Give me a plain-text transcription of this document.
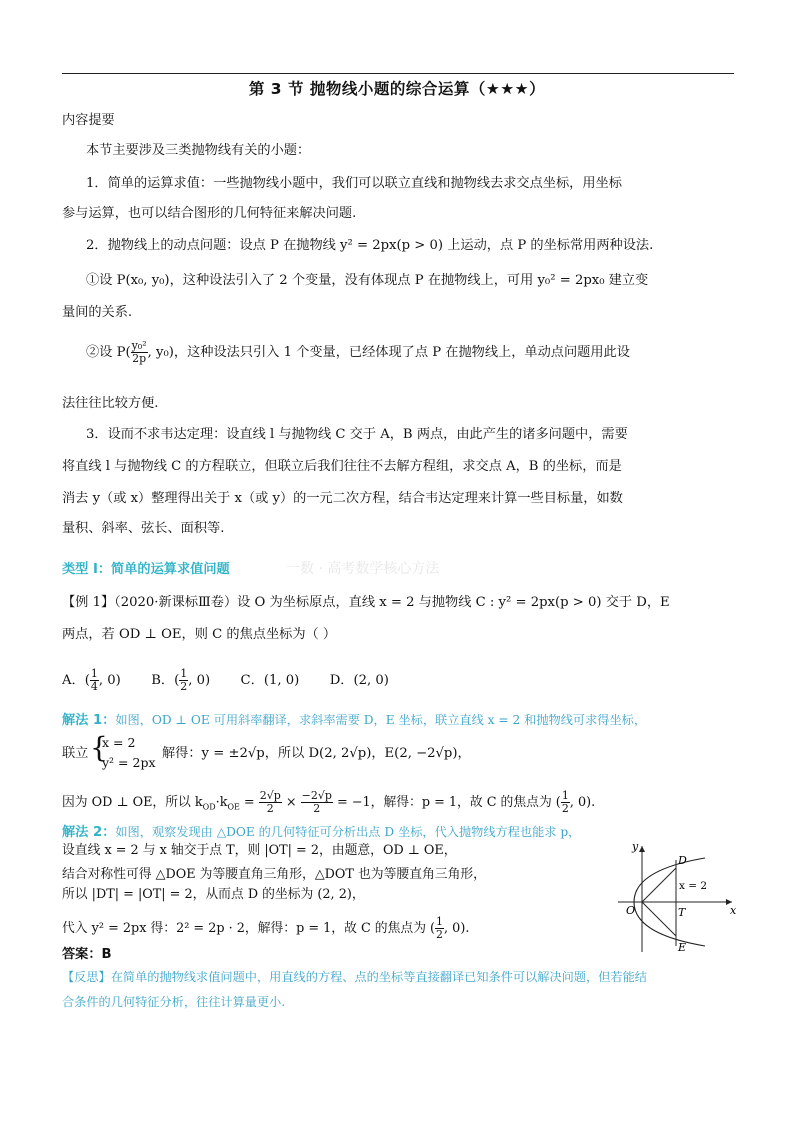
第 3 节 抛物线小题的综合运算（★★★）
内容提要
本节主要涉及三类抛物线有关的小题：
1．简单的运算求值：一些抛物线小题中，我们可以联立直线和抛物线去求交点坐标，用坐标
参与运算，也可以结合图形的几何特征来解决问题.
2．抛物线上的动点问题：设点 P 在抛物线 y² = 2px(p > 0) 上运动，点 P 的坐标常用两种设法.
①设 P(x₀, y₀)，这种设法引入了 2 个变量，没有体现点 P 在抛物线上，可用 y₀² = 2px₀ 建立变
量间的关系.
②设 $P( \frac{\text{y₀²}}{2p}$ , y₀)，这种设法只引入 1 个变量，已经体现了点 P 在抛物线上，单动点问题用此设
法往往比较方便.
3．设而不求韦达定理：设直线 l 与抛物线 C 交于 A，B 两点，由此产生的诸多问题中，需要
将直线 l 与抛物线 C 的方程联立，但联立后我们往往不去解方程组，求交点 A，B 的坐标，而是
消去 y（或 x）整理得出关于 x（或 y）的一元二次方程，结合韦达定理来计算一些目标量，如数
量积、斜率、弦长、面积等.
类型 I：简单的运算求值问题	一数 · 高考数学核心方法
【例 1】（2020·新课标Ⅲ卷）设 O 为坐标原点，直线 x = 2 与抛物线 C : y² = 2px(p > 0) 交于 D，E
两点，若 OD ⊥ OE，则 C 的焦点坐标为（ ）
A．( $\frac{1}{4}$ , 0) B．( $\frac{1}{2}$ , 0) C．(1, 0) D．(2, 0)
解法 1：如图，OD ⊥ OE 可用斜率翻译，求斜率需要 D，E 坐标，联立直线 x = 2 和抛物线可求得坐标，
联立 {
x = 2
y² = 2px
解得：y = ±2√p，所以 D(2, 2√p)，E(2, −2√p)，
因为 OD ⊥ OE，所以 $k_{OD}\cdot k_{OE} = \frac{2√p}{2} \times \frac{-2√p}{2} = -1$，解得：p = 1，故 C 的焦点为 ( $\frac{1}{2}$ , 0).
解法 2：如图，观察发现由 △DOE 的几何特征可分析出点 D 坐标，代入抛物线方程也能求 p，
设直线 x = 2 与 x 轴交于点 T，则 |OT| = 2，由题意，OD ⊥ OE，
结合对称性可得 △DOE 为等腰直角三角形，△DOT 也为等腰直角三角形，
所以 |DT| = |OT| = 2，从而点 D 的坐标为 (2, 2)，
代入 y² = 2px 得：2² = 2p · 2，解得：p = 1，故 C 的焦点为 ( $\frac{1}{2}$ , 0).
y
x
O
D
E
T
x = 2
答案：B
【反思】在简单的抛物线求值问题中，用直线的方程、点的坐标等直接翻译已知条件可以解决问题，但若能结
合条件的几何特征分析，往往计算量更小.
